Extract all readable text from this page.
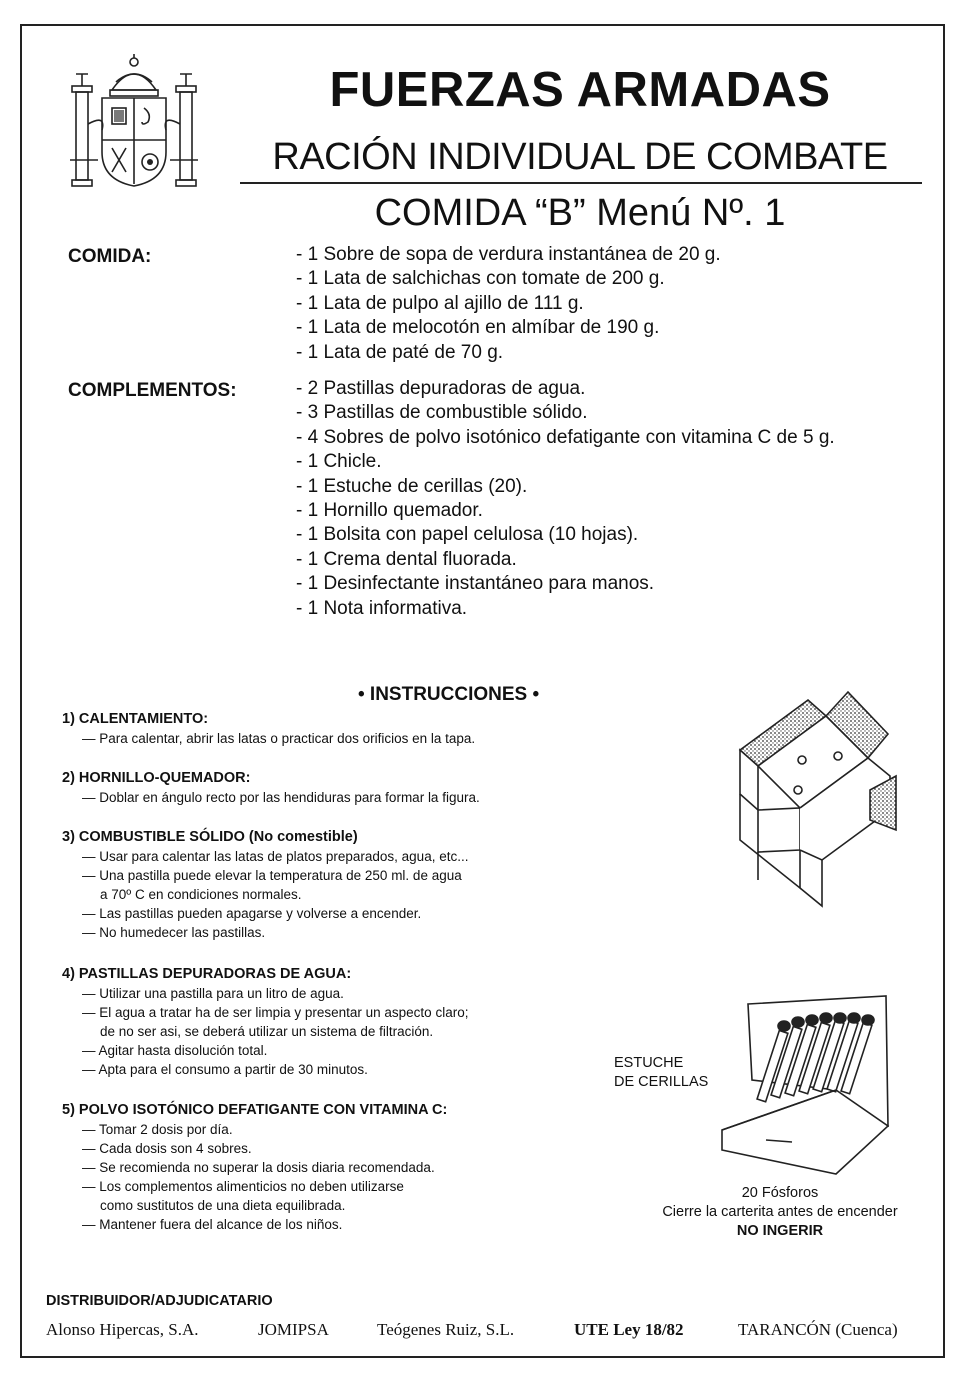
FUERZAS ARMADAS
RACIÓN INDIVIDUAL DE COMBATE
COMIDA “B” Menú Nº. 1
COMIDA:	- 1 Sobre de sopa de verdura instantánea de 20 g.
- 1 Lata de salchichas con tomate de 200 g.
- 1 Lata de pulpo al ajillo de 111 g.
- 1 Lata de melocotón en almíbar de 190 g.
- 1 Lata de paté de 70 g.
COMPLEMENTOS:	- 2 Pastillas depuradoras de agua.
- 3 Pastillas de combustible sólido.
- 4 Sobres de polvo isotónico defatigante con vitamina C de 5 g.
- 1 Chicle.
- 1 Estuche de cerillas (20).
- 1 Hornillo quemador.
- 1 Bolsita con papel celulosa (10 hojas).
- 1 Crema dental fluorada.
- 1 Desinfectante instantáneo para manos.
- 1 Nota informativa.
• INSTRUCCIONES •
1) CALENTAMIENTO:
— Para calentar, abrir las latas o practicar dos orificios en la tapa.
2) HORNILLO-QUEMADOR:
— Doblar en ángulo recto por las hendiduras para formar la figura.
3) COMBUSTIBLE SÓLIDO (No comestible)
— Usar para calentar las latas de platos preparados, agua, etc...
— Una pastilla puede elevar la temperatura de 250 ml. de agua
a 70º C en condiciones normales.
— Las pastillas pueden apagarse y volverse a encender.
— No humedecer las pastillas.
4) PASTILLAS DEPURADORAS DE AGUA:
— Utilizar una pastilla para un litro de agua.
— El agua a tratar ha de ser limpia y presentar un aspecto claro;
de no ser asi, se deberá utilizar un sistema de filtración.
— Agitar hasta disolución total.
— Apta para el consumo a partir de 30 minutos.
5) POLVO ISOTÓNICO DEFATIGANTE CON VITAMINA C:
— Tomar 2 dosis por día.
— Cada dosis son 4 sobres.
— Se recomienda no superar la dosis diaria recomendada.
— Los complementos alimenticios no deben utilizarse
como sustitutos de una dieta equilibrada.
— Mantener fuera del alcance de los niños.
ESTUCHE
DE CERILLAS
20 Fósforos
Cierre la carterita antes de encender
NO INGERIR
DISTRIBUIDOR/ADJUDICATARIO
Alonso Hipercas, S.A.	JOMIPSA	Teógenes Ruiz, S.L.	UTE Ley 18/82	TARANCÓN (Cuenca)
